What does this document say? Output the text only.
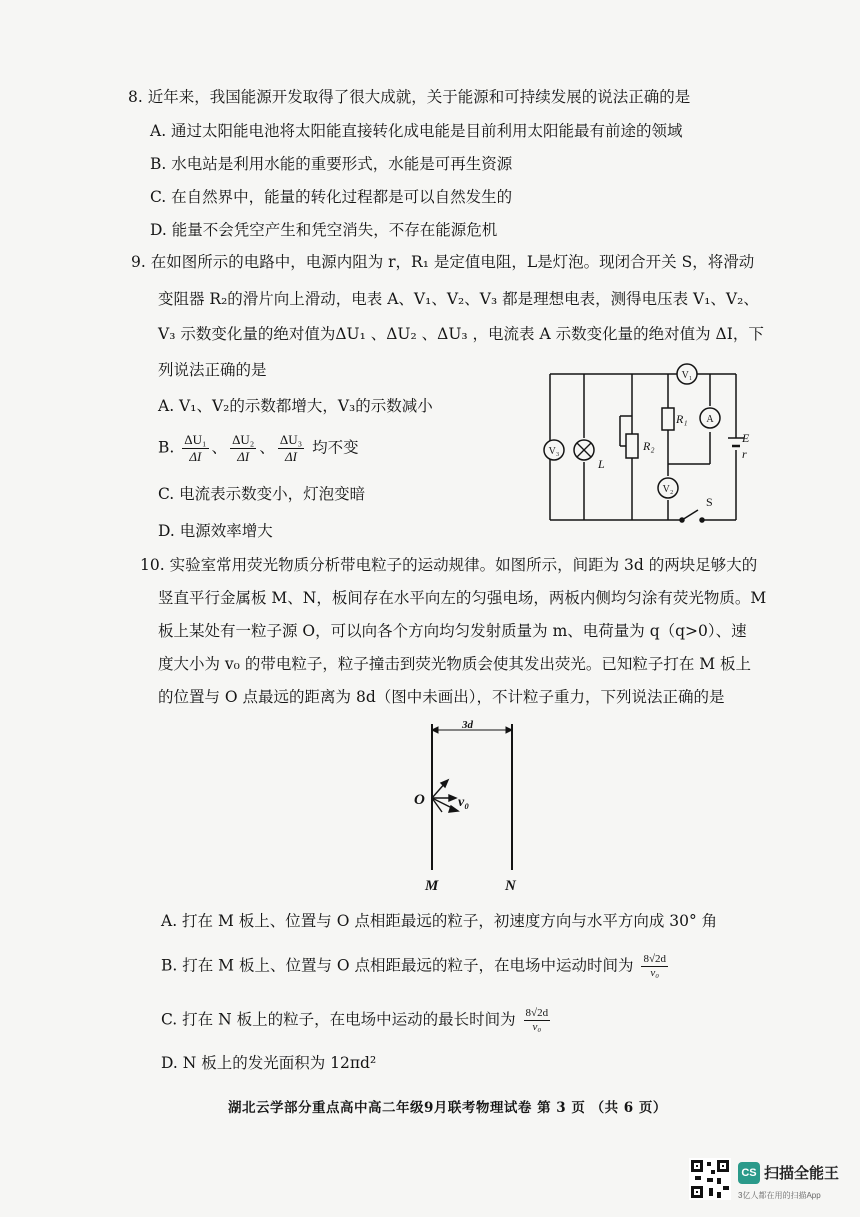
8. 近年来，我国能源开发取得了很大成就，关于能源和可持续发展的说法正确的是
A. 通过太阳能电池将太阳能直接转化成电能是目前利用太阳能最有前途的领域
B. 水电站是利用水能的重要形式，水能是可再生资源
C. 在自然界中，能量的转化过程都是可以自然发生的
D. 能量不会凭空产生和凭空消失，不存在能源危机
9. 在如图所示的电路中，电源内阻为 r，R₁ 是定值电阻，L是灯泡。现闭合开关 S，将滑动
变阻器 R₂的滑片向上滑动，电表 A、V₁、V₂、V₃ 都是理想电表，测得电压表 V₁、V₂、
V₃ 示数变化量的绝对值为ΔU₁ 、ΔU₂ 、ΔU₃ ，电流表 A 示数变化量的绝对值为 ΔI，下
列说法正确的是
A. V₁、V₂的示数都增大，V₃的示数减小
B. $\frac{\text{ΔU₁}}{\Delta I}$ 、 $\frac{\text{ΔU₂}}{\Delta I}$ 、 $\frac{\text{ΔU₃}}{\Delta I}$ 均不变
C. 电流表示数变小，灯泡变暗
D. 电源效率增大
V₃
V₁
A
V₂
R₁
R₂
L
E
r
S
10. 实验室常用荧光物质分析带电粒子的运动规律。如图所示，间距为 3d 的两块足够大的
竖直平行金属板 M、N，板间存在水平向左的匀强电场，两板内侧均匀涂有荧光物质。M
板上某处有一粒子源 O，可以向各个方向均匀发射质量为 m、电荷量为 q（q>0）、速
度大小为 v₀ 的带电粒子，粒子撞击到荧光物质会使其发出荧光。已知粒子打在 M 板上
的位置与 O 点最远的距离为 8d（图中未画出），不计粒子重力，下列说法正确的是
3d
O v₀
M	N
A. 打在 M 板上、位置与 O 点相距最远的粒子，初速度方向与水平方向成 30° 角
B. 打在 M 板上、位置与 O 点相距最远的粒子，在电场中运动时间为 $\frac{8√2d}{\text{v₀}}$
C. 打在 N 板上的粒子，在电场中运动的最长时间为 $\frac{8√2d}{\text{v₀}}$
D. N 板上的发光面积为 12πd²
湖北云学部分重点高中高二年级9月联考物理试卷 第 3 页 （共 6 页）
CS 扫描全能王
3亿人都在用的扫描App
